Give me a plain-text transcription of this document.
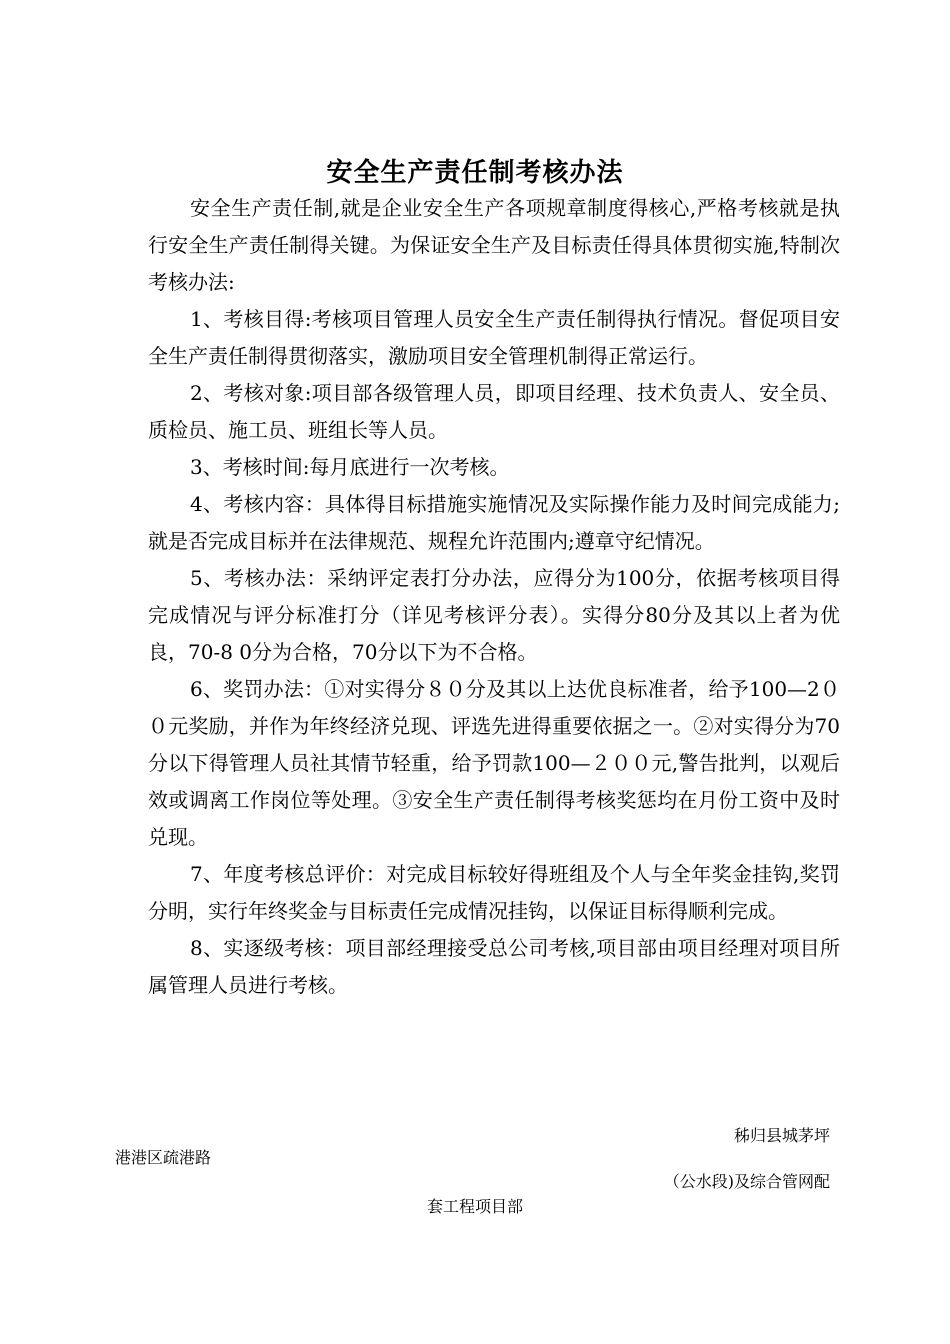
安全生产责任制考核办法

安全生产责任制,就是企业安全生产各项规章制度得核心,严格考核就是执行安全生产责任制得关键。为保证安全生产及目标责任得具体贯彻实施,特制次考核办法:

1、考核目得:考核项目管理人员安全生产责任制得执行情况。督促项目安全生产责任制得贯彻落实，激励项目安全管理机制得正常运行。

2、考核对象:项目部各级管理人员，即项目经理、技术负责人、安全员、质检员、施工员、班组长等人员。

3、考核时间:每月底进行一次考核。

4、考核内容：具体得目标措施实施情况及实际操作能力及时间完成能力;就是否完成目标并在法律规范、规程允许范围内;遵章守纪情况。

5、考核办法：采纳评定表打分办法，应得分为100分，依据考核项目得完成情况与评分标准打分（详见考核评分表）。实得分80分及其以上者为优良，70-8 0分为合格，70分以下为不合格。

6、奖罚办法：①对实得分８０分及其以上达优良标准者，给予100—2００元奖励，并作为年终经济兑现、评选先进得重要依据之一。②对实得分为70分以下得管理人员社其情节轻重，给予罚款100—２００元,警告批判，以观后效或调离工作岗位等处理。③安全生产责任制得考核奖惩均在月份工资中及时兑现。

7、年度考核总评价：对完成目标较好得班组及个人与全年奖金挂钩,奖罚分明，实行年终奖金与目标责任完成情况挂钩，以保证目标得顺利完成。

8、实逐级考核：项目部经理接受总公司考核,项目部由项目经理对项目所属管理人员进行考核。

秭归县城茅坪
港港区疏港路
（公水段)及综合管网配
套工程项目部
